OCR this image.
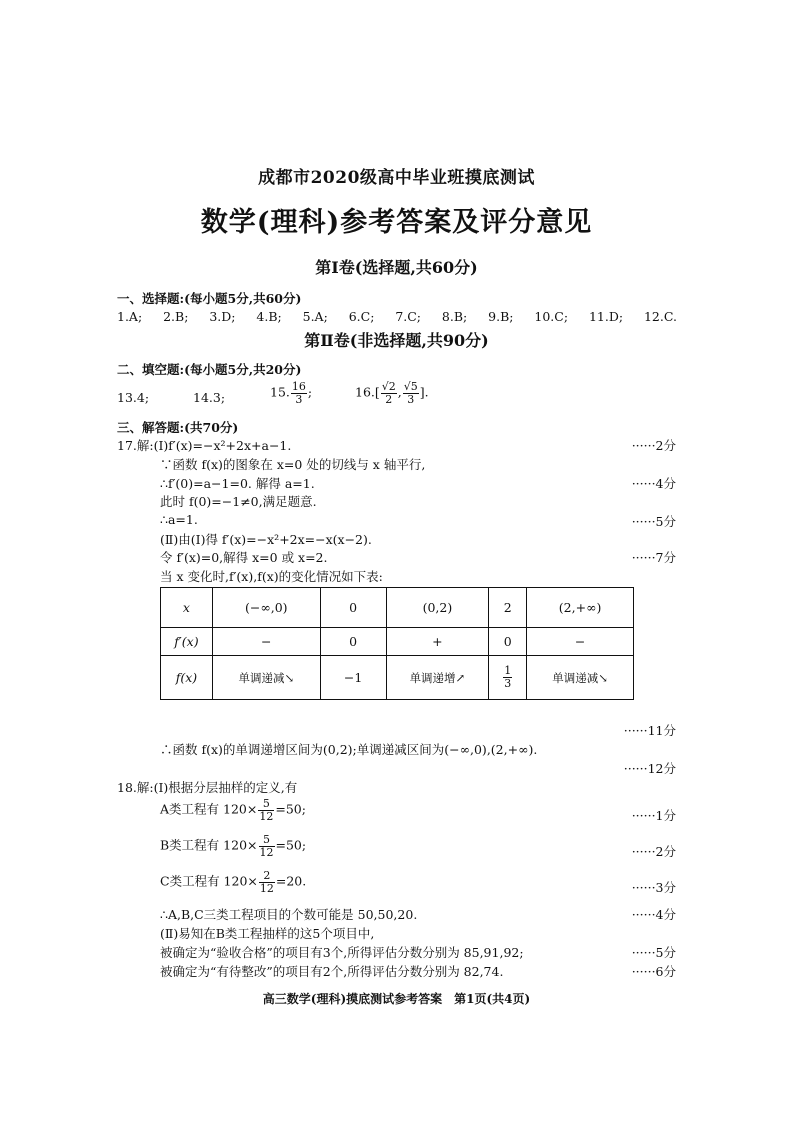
成都市2020级高中毕业班摸底测试
数学(理科)参考答案及评分意见
第Ⅰ卷(选择题,共60分)
一、选择题:(每小题5分,共60分)
1.A; 2.B; 3.D; 4.B; 5.A; 6.C; 7.C; 8.B; 9.B; 10.C; 11.D; 12.C.
第Ⅱ卷(非选择题,共90分)
二、填空题:(每小题5分,共20分)
13.4;	14.3;	15. $\frac{16}{3}$ ;	$16.[ \frac{√2}{2}$ , $\frac{√5}{3}$ ].
三、解答题:(共70分)
17.解:(Ⅰ)f′(x)=−x²+2x+a−1.
∵函数 f(x)的图象在 x=0 处的切线与 x 轴平行,
∴f′(0)=a−1=0. 解得 a=1.
此时 f(0)=−1≠0,满足题意.
∴a=1.
(Ⅱ)由(Ⅰ)得 f′(x)=−x²+2x=−x(x−2).
令 f′(x)=0,解得 x=0 或 x=2.
当 x 变化时,f′(x),f(x)的变化情况如下表:
······2分
······4分
······5分
······7分
x	(−∞,0)	0	(0,2)	2	(2,+∞)
f′(x)	−	0	+	0	−
f(x)	单调递减↘	−1	单调递增↗	$\frac{1}{3}$	单调递减↘
······11分
∴函数 f(x)的单调递增区间为(0,2);单调递减区间为(−∞,0),(2,+∞).
······12分
18.解:(Ⅰ)根据分层抽样的定义,有
A类工程有 $120\times \frac{5}{12} =50$;	······1分
B类工程有 $120\times \frac{5}{12} =50$;	······2分
C类工程有 $120\times \frac{2}{12} =20$.	······3分
∴A,B,C三类工程项目的个数可能是 50,50,20.	······4分
(Ⅱ)易知在B类工程抽样的这5个项目中,
被确定为“验收合格”的项目有3个,所得评估分数分别为 85,91,92;	······5分
被确定为“有待整改”的项目有2个,所得评估分数分别为 82,74.	······6分
高三数学(理科)摸底测试参考答案　第1页(共4页)
